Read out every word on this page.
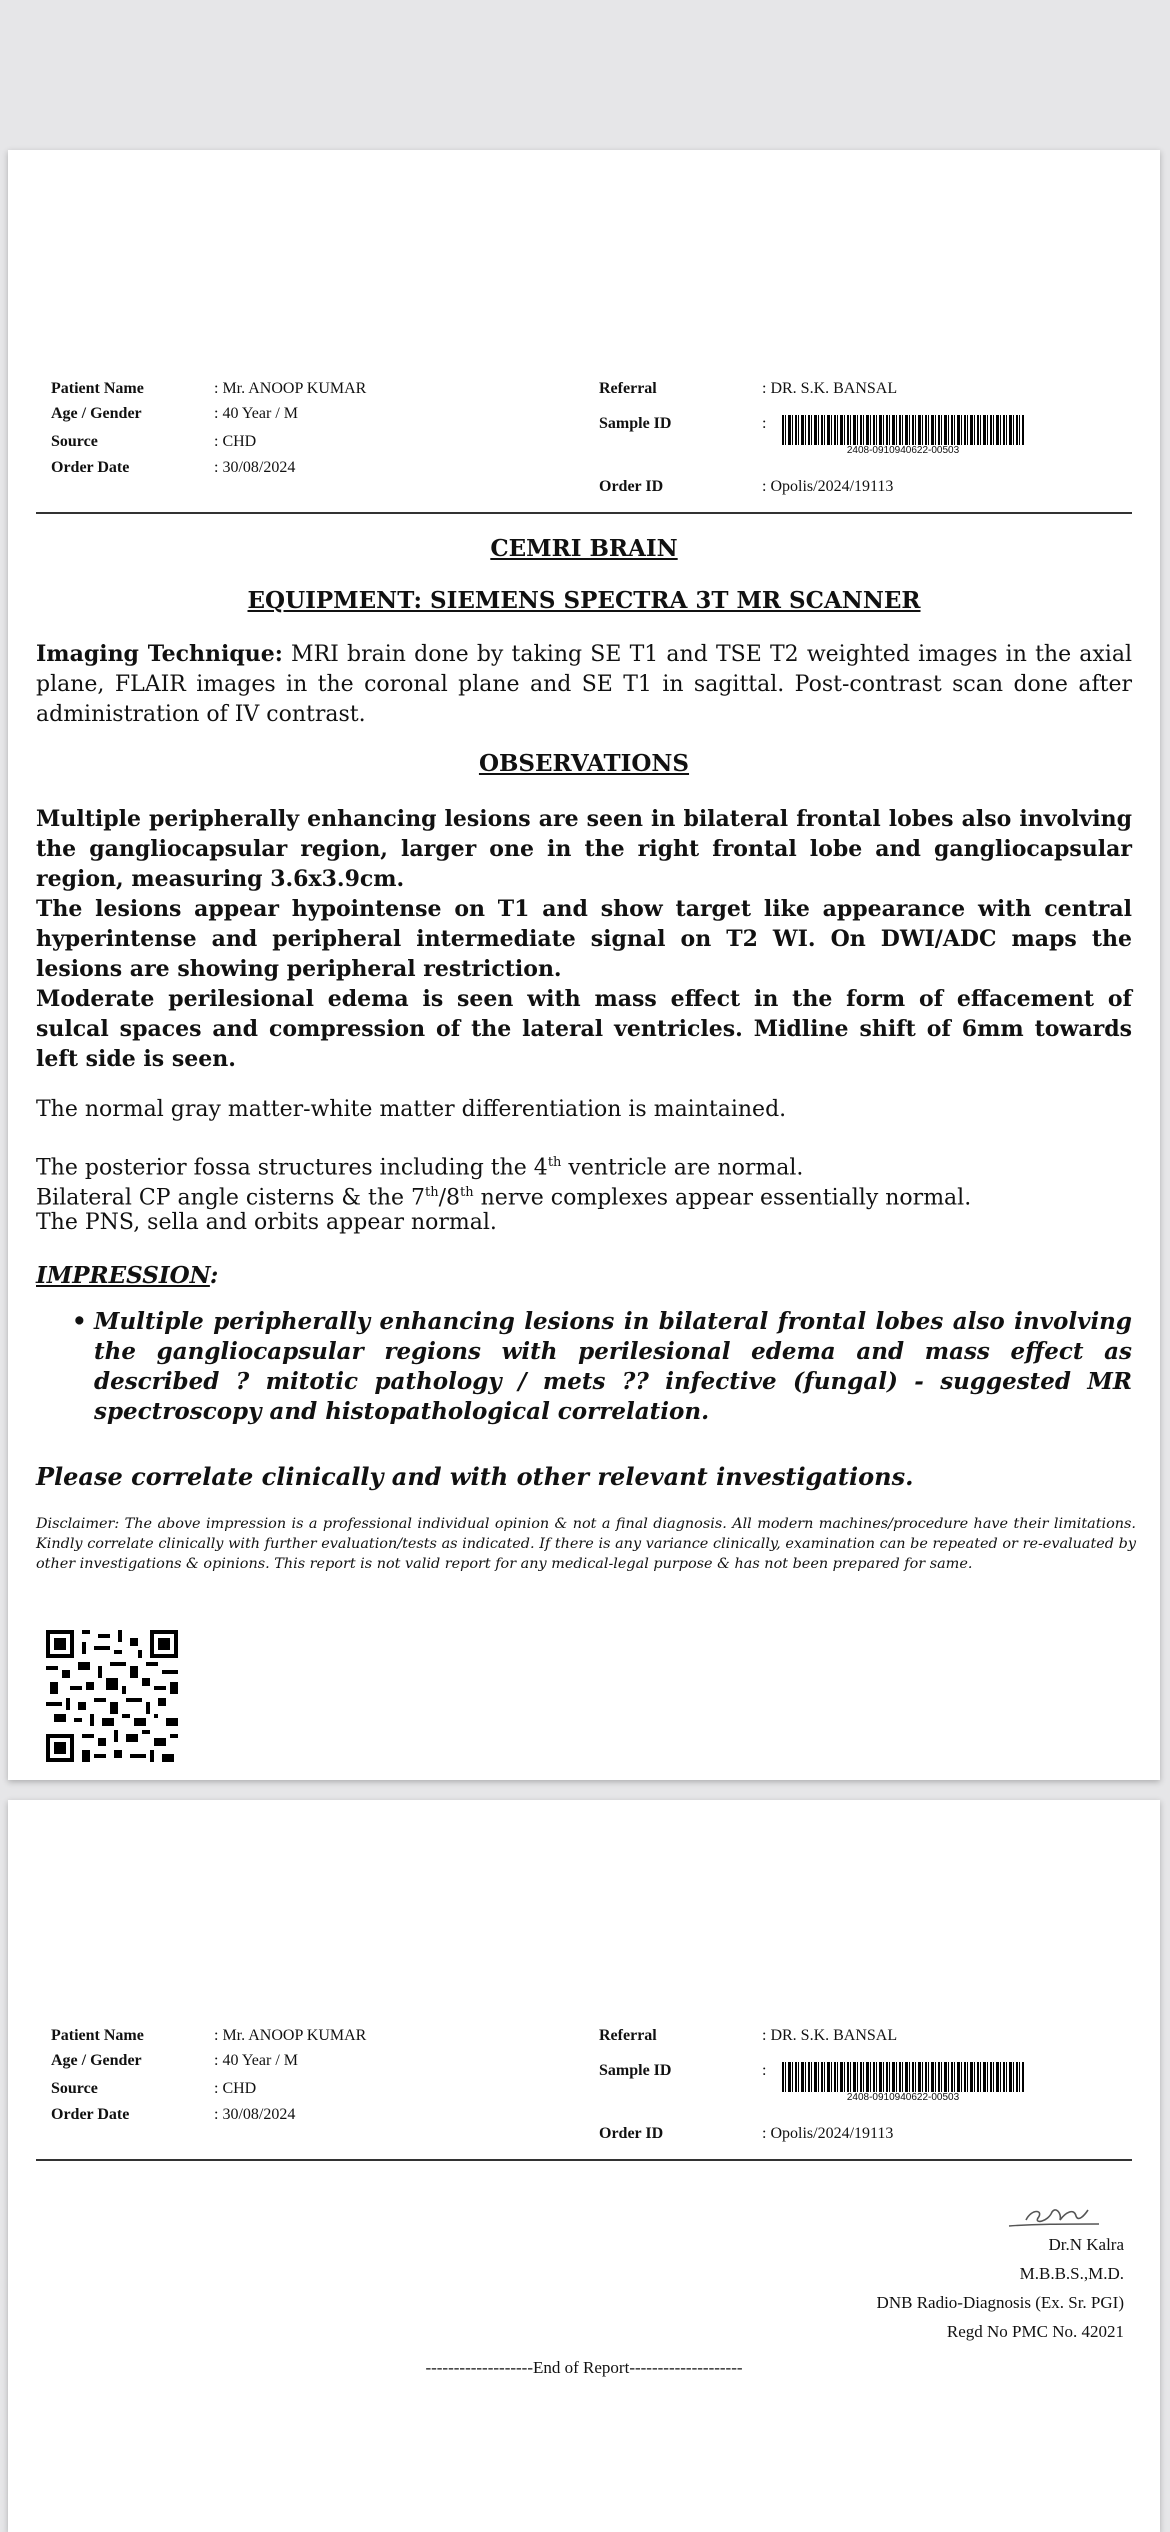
Patient Name	: Mr. ANOOP KUMAR
Age / Gender	: 40 Year / M
Source	: CHD
Order Date	: 30/08/2024
Referral	: DR. S.K. BANSAL
Sample ID	:
2408-0910940622-00503
Order ID	: Opolis/2024/19113
CEMRI BRAIN
EQUIPMENT: SIEMENS SPECTRA 3T MR SCANNER
Imaging Technique: MRI brain done by taking SE T1 and TSE T2 weighted images in the axial plane, FLAIR images in the coronal plane and SE T1 in sagittal. Post-contrast scan done after administration of IV contrast.
OBSERVATIONS
Multiple peripherally enhancing lesions are seen in bilateral frontal lobes also involving the gangliocapsular region, larger one in the right frontal lobe and gangliocapsular region, measuring 3.6x3.9cm.
The lesions appear hypointense on T1 and show target like appearance with central hyperintense and peripheral intermediate signal on T2 WI. On DWI/ADC maps the lesions are showing peripheral restriction.
Moderate perilesional edema is seen with mass effect in the form of effacement of sulcal spaces and compression of the lateral ventricles. Midline shift of 6mm towards left side is seen.
The normal gray matter-white matter differentiation is maintained.
The posterior fossa structures including the 4th ventricle are normal.
Bilateral CP angle cisterns & the 7th/8th nerve complexes appear essentially normal.
The PNS, sella and orbits appear normal.
IMPRESSION:
• Multiple peripherally enhancing lesions in bilateral frontal lobes also involving the gangliocapsular regions with perilesional edema and mass effect as described ? mitotic pathology / mets ?? infective (fungal) - suggested MR spectroscopy and histopathological correlation.
Please correlate clinically and with other relevant investigations.
Disclaimer: The above impression is a professional individual opinion & not a final diagnosis. All modern machines/procedure have their limitations. Kindly correlate clinically with further evaluation/tests as indicated. If there is any variance clinically, examination can be repeated or re-evaluated by other investigations & opinions. This report is not valid report for any medical-legal purpose & has not been prepared for same.
Patient Name	: Mr. ANOOP KUMAR
Age / Gender	: 40 Year / M
Source	: CHD
Order Date	: 30/08/2024
Referral	: DR. S.K. BANSAL
Sample ID	:
2408-0910940622-00503
Order ID	: Opolis/2024/19113
Dr.N Kalra
M.B.B.S.,M.D.
DNB Radio-Diagnosis (Ex. Sr. PGI)
Regd No PMC No. 42021
-------------------End of Report--------------------
